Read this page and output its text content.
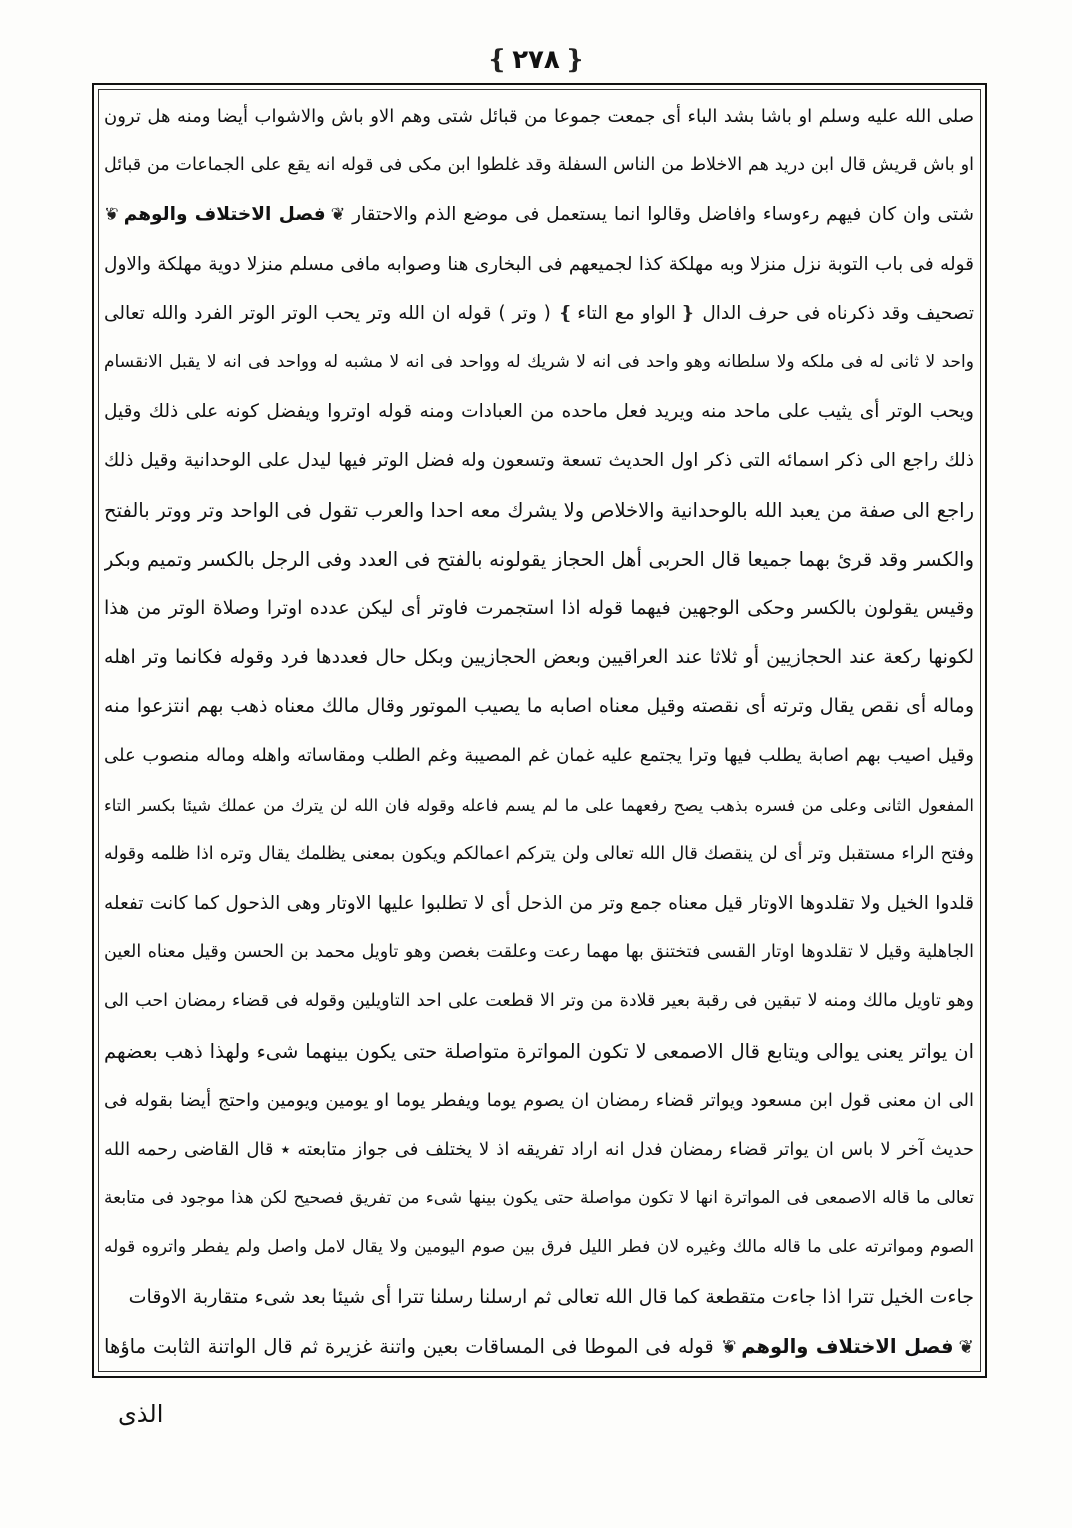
❵ ٢٧٨❴
صلى الله عليه وسلم او باشا بشد الباء أى جمعت جموعا من قبائل شتى وهم الاو باش والاشواب أيضا ومنه هل ترون
او باش قريش قال ابن دريد هم الاخلاط من الناس السفلة وقد غلطوا ابن مكى فى قوله انه يقع على الجماعات من قبائل
شتى وان كان فيهم رءوساء وافاضل وقالوا انما يستعمل فى موضع الذم والاحتقار ❦ فصل الاختلاف والوهم❦
قوله فى باب التوبة نزل منزلا وبه مهلكة كذا لجميعهم فى البخارى هنا وصوابه مافى مسلم منزلا دوية مهلكة والاول
تصحيف وقد ذكرناه فى حرف الدال ❵ الواو مع التاء ❴ ( وتر ) قوله ان الله وتر يحب الوتر الوتر الفرد والله تعالى
واحد لا ثانى له فى ملكه ولا سلطانه وهو واحد فى انه لا شريك له وواحد فى انه لا مشبه له وواحد فى انه لا يقبل الانقسام
ويحب الوتر أى يثيب على ماحد منه ويريد فعل ماحده من العبادات ومنه قوله اوتروا ويفضل كونه على ذلك وقيل
ذلك راجع الى ذكر اسمائه التى ذكر اول الحديث تسعة وتسعون وله فضل الوتر فيها ليدل على الوحدانية وقيل ذلك
راجع الى صفة من يعبد الله بالوحدانية والاخلاص ولا يشرك معه احدا والعرب تقول فى الواحد وتر ووتر بالفتح
والكسر وقد قرئ بهما جميعا قال الحربى أهل الحجاز يقولونه بالفتح فى العدد وفى الرجل بالكسر وتميم وبكر
وقيس يقولون بالكسر وحكى الوجهين فيهما قوله اذا استجمرت فاوتر أى ليكن عدده اوترا وصلاة الوتر من هذا
لكونها ركعة عند الحجازيين أو ثلاثا عند العراقيين وبعض الحجازيين وبكل حال فعددها فرد وقوله فكانما وتر اهله
وماله أى نقص يقال وترته أى نقصته وقيل معناه اصابه ما يصيب الموتور وقال مالك معناه ذهب بهم انتزعوا منه
وقيل اصيب بهم اصابة يطلب فيها وترا يجتمع عليه غمان غم المصيبة وغم الطلب ومقاساته واهله وماله منصوب على
المفعول الثانى وعلى من فسره بذهب يصح رفعهما على ما لم يسم فاعله وقوله فان الله لن يترك من عملك شيئا بكسر التاء
وفتح الراء مستقبل وتر أى لن ينقصك قال الله تعالى ولن يتركم اعمالكم ويكون بمعنى يظلمك يقال وتره اذا ظلمه وقوله
قلدوا الخيل ولا تقلدوها الاوتار قيل معناه جمع وتر من الذحل أى لا تطلبوا عليها الاوتار وهى الذحول كما كانت تفعله
الجاهلية وقيل لا تقلدوها اوتار القسى فتختنق بها مهما رعت وعلقت بغصن وهو تاويل محمد بن الحسن وقيل معناه العين
وهو تاويل مالك ومنه لا تبقين فى رقبة بعير قلادة من وتر الا قطعت على احد التاويلين وقوله فى قضاء رمضان احب الى
ان يواتر يعنى يوالى ويتابع قال الاصمعى لا تكون المواترة متواصلة حتى يكون بينهما شىء ولهذا ذهب بعضهم
الى ان معنى قول ابن مسعود ويواتر قضاء رمضان ان يصوم يوما ويفطر يوما او يومين ويومين واحتج أيضا بقوله فى
حديث آخر لا باس ان يواتر قضاء رمضان فدل انه اراد تفريقه اذ لا يختلف فى جواز متابعته ٭ قال القاضى رحمه الله
تعالى ما قاله الاصمعى فى المواترة انها لا تكون مواصلة حتى يكون بينها شىء من تفريق فصحيح لكن هذا موجود فى متابعة
الصوم ومواترته على ما قاله مالك وغيره لان فطر الليل فرق بين صوم اليومين ولا يقال لامل واصل ولم يفطر واتروه قوله
جاءت الخيل تترا اذا جاءت متقطعة كما قال الله تعالى ثم ارسلنا رسلنا تترا أى شيئا بعد شىء متقاربة الاوقات
❦ فصل الاختلاف والوهم❦ قوله فى الموطا فى المساقات بعين واتنة غزيرة ثم قال الواتنة الثابت ماؤها
الذى
